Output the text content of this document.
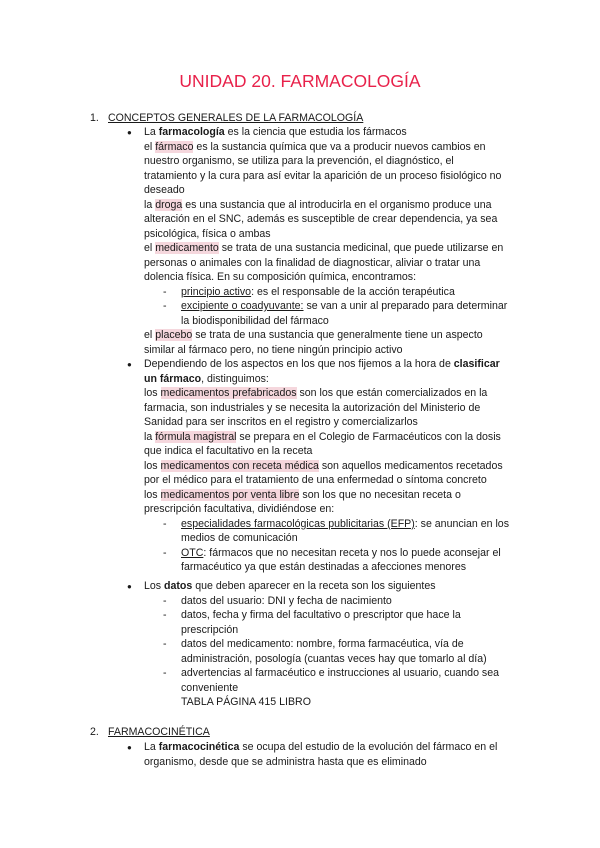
UNIDAD 20. FARMACOLOGÍA
1. CONCEPTOS GENERALES DE LA FARMACOLOGÍA
● La farmacología es la ciencia que estudia los fármacos
el fármaco es la sustancia química que va a producir nuevos cambios en
nuestro organismo, se utiliza para la prevención, el diagnóstico, el
tratamiento y la cura para así evitar la aparición de un proceso fisiológico no
deseado
la droga es una sustancia que al introducirla en el organismo produce una
alteración en el SNC, además es susceptible de crear dependencia, ya sea
psicológica, física o ambas
el medicamento se trata de una sustancia medicinal, que puede utilizarse en
personas o animales con la finalidad de diagnosticar, aliviar o tratar una
dolencia física. En su composición química, encontramos:
- principio activo: es el responsable de la acción terapéutica
- excipiente o coadyuvante: se van a unir al preparado para determinar
la biodisponibilidad del fármaco
el placebo se trata de una sustancia que generalmente tiene un aspecto
similar al fármaco pero, no tiene ningún principio activo
● Dependiendo de los aspectos en los que nos fijemos a la hora de clasificar
un fármaco, distinguimos:
los medicamentos prefabricados son los que están comercializados en la
farmacia, son industriales y se necesita la autorización del Ministerio de
Sanidad para ser inscritos en el registro y comercializarlos
la fórmula magistral se prepara en el Colegio de Farmacéuticos con la dosis
que indica el facultativo en la receta
los medicamentos con receta médica son aquellos medicamentos recetados
por el médico para el tratamiento de una enfermedad o síntoma concreto
los medicamentos por venta libre son los que no necesitan receta o
prescripción facultativa, dividiéndose en:
- especialidades farmacológicas publicitarias (EFP): se anuncian en los
medios de comunicación
- OTC: fármacos que no necesitan receta y nos lo puede aconsejar el
farmacéutico ya que están destinadas a afecciones menores
● Los datos que deben aparecer en la receta son los siguientes
- datos del usuario: DNI y fecha de nacimiento
- datos, fecha y firma del facultativo o prescriptor que hace la
prescripción
- datos del medicamento: nombre, forma farmacéutica, vía de
administración, posología (cuantas veces hay que tomarlo al día)
- advertencias al farmacéutico e instrucciones al usuario, cuando sea
conveniente
TABLA PÁGINA 415 LIBRO
2. FARMACOCINÉTICA
● La farmacocinética se ocupa del estudio de la evolución del fármaco en el
organismo, desde que se administra hasta que es eliminado
